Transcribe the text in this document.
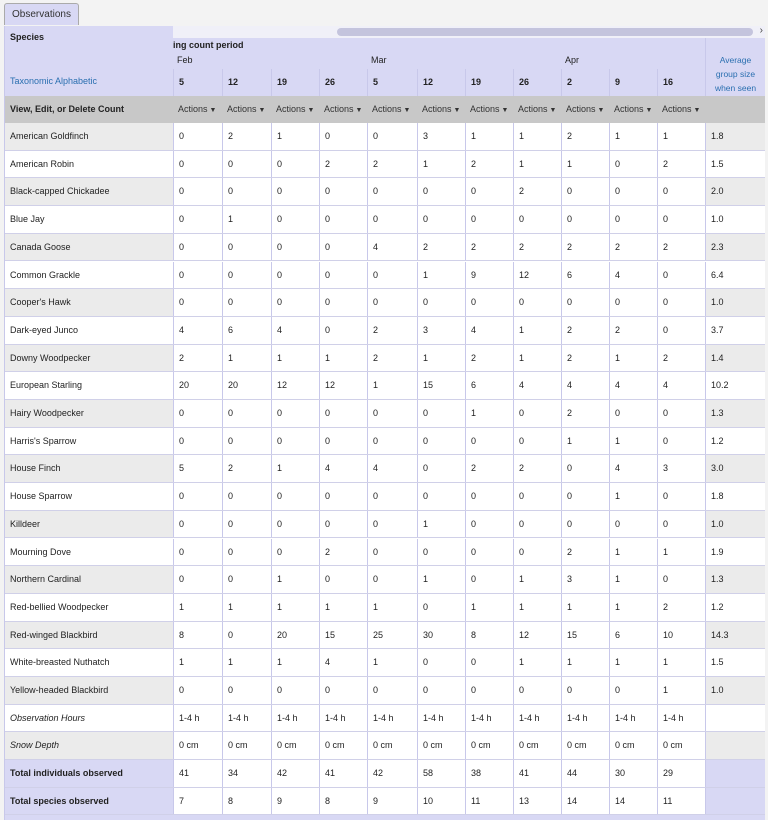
Observations
Species
Taxonomic Alphabetic
›
ing count period
Feb	Mar	Apr
5	12	19	26	5	12	19	26	2	9	16
Average
group size
when seen
View, Edit, or Delete Count	Actions ▼	Actions ▼	Actions ▼	Actions ▼	Actions ▼	Actions ▼	Actions ▼	Actions ▼	Actions ▼	Actions ▼	Actions ▼
American Goldfinch	0	2	1	0	0	3	1	1	2	1	1	1.8
American Robin	0	0	0	2	2	1	2	1	1	0	2	1.5
Black-capped Chickadee	0	0	0	0	0	0	0	2	0	0	0	2.0
Blue Jay	0	1	0	0	0	0	0	0	0	0	0	1.0
Canada Goose	0	0	0	0	4	2	2	2	2	2	2	2.3
Common Grackle	0	0	0	0	0	1	9	12	6	4	0	6.4
Cooper's Hawk	0	0	0	0	0	0	0	0	0	0	0	1.0
Dark-eyed Junco	4	6	4	0	2	3	4	1	2	2	0	3.7
Downy Woodpecker	2	1	1	1	2	1	2	1	2	1	2	1.4
European Starling	20	20	12	12	1	15	6	4	4	4	4	10.2
Hairy Woodpecker	0	0	0	0	0	0	1	0	2	0	0	1.3
Harris's Sparrow	0	0	0	0	0	0	0	0	1	1	0	1.2
House Finch	5	2	1	4	4	0	2	2	0	4	3	3.0
House Sparrow	0	0	0	0	0	0	0	0	0	1	0	1.8
Killdeer	0	0	0	0	0	1	0	0	0	0	0	1.0
Mourning Dove	0	0	0	2	0	0	0	0	2	1	1	1.9
Northern Cardinal	0	0	1	0	0	1	0	1	3	1	0	1.3
Red-bellied Woodpecker	1	1	1	1	1	0	1	1	1	1	2	1.2
Red-winged Blackbird	8	0	20	15	25	30	8	12	15	6	10	14.3
White-breasted Nuthatch	1	1	1	4	1	0	0	1	1	1	1	1.5
Yellow-headed Blackbird	0	0	0	0	0	0	0	0	0	0	1	1.0
Observation Hours	1-4 h	1-4 h	1-4 h	1-4 h	1-4 h	1-4 h	1-4 h	1-4 h	1-4 h	1-4 h	1-4 h
Snow Depth	0 cm	0 cm	0 cm	0 cm	0 cm	0 cm	0 cm	0 cm	0 cm	0 cm	0 cm
Total individuals observed	41	34	42	41	42	58	38	41	44	30	29
Total species observed	7	8	9	8	9	10	11	13	14	14	11
